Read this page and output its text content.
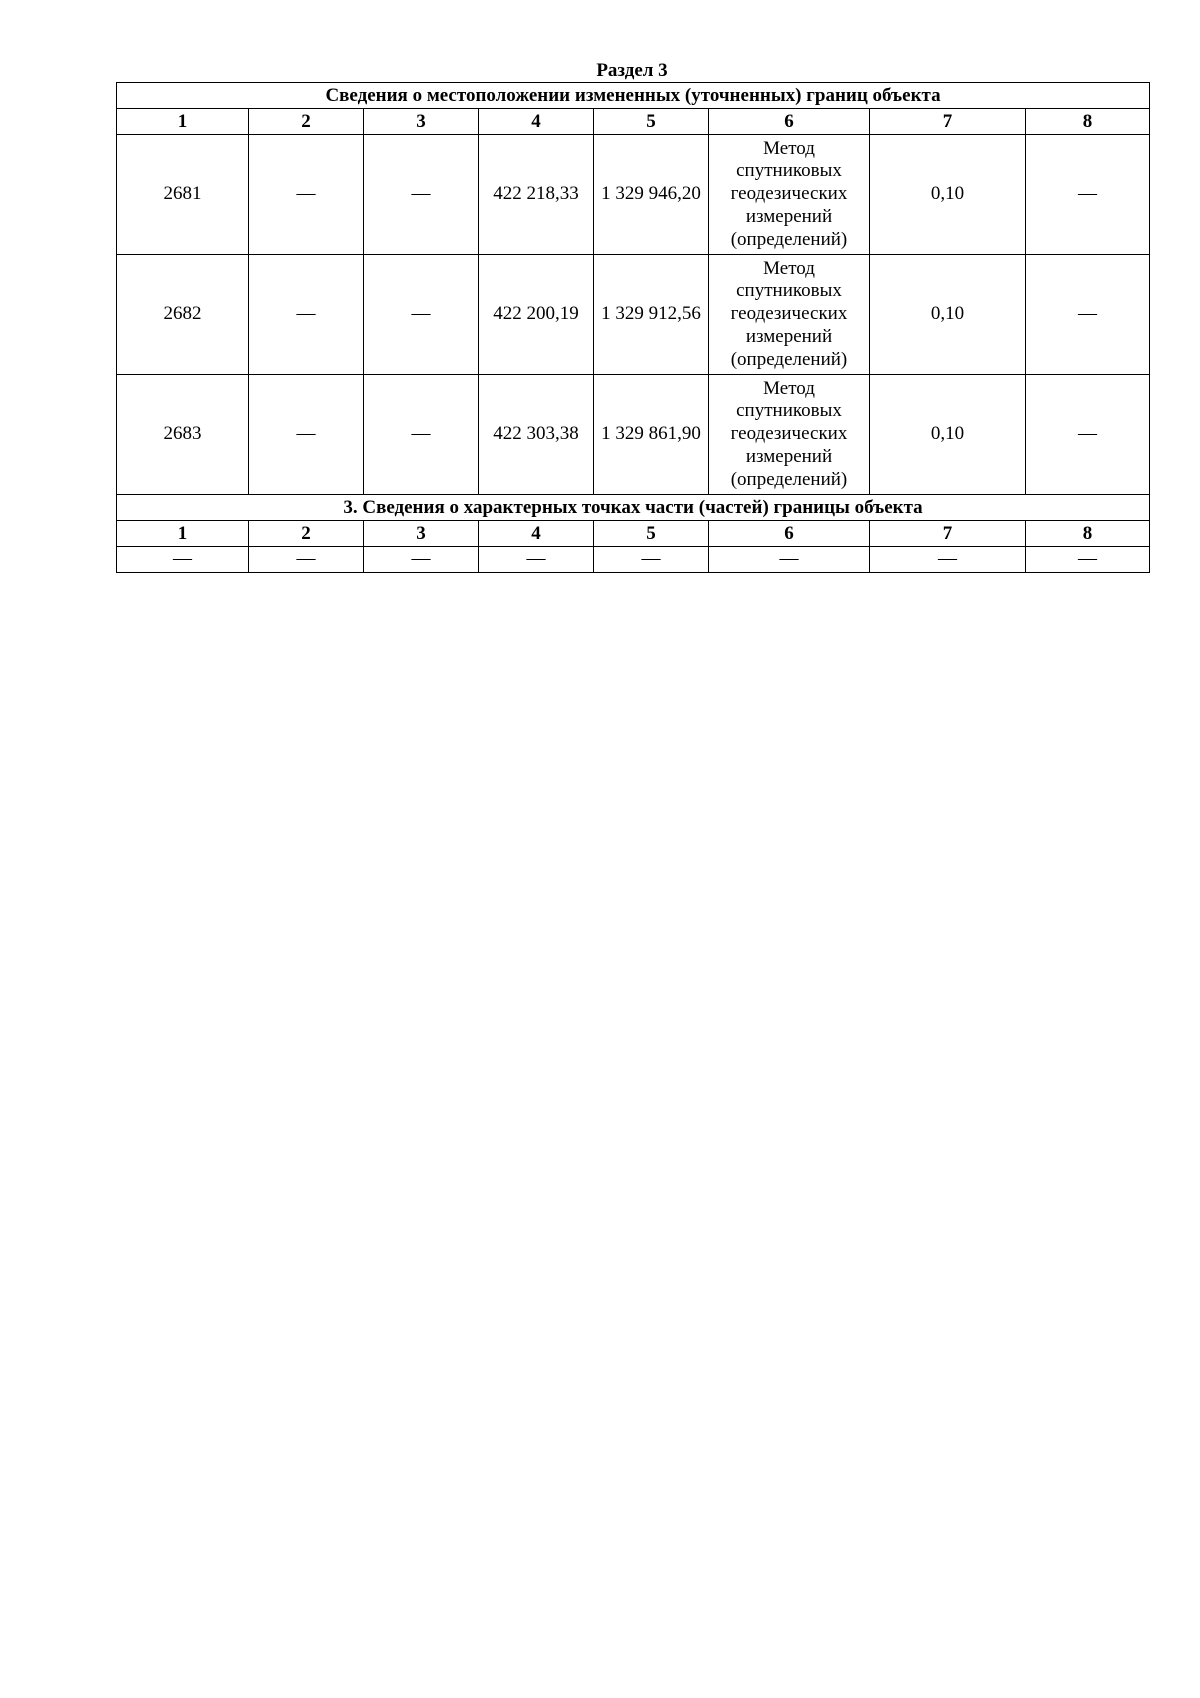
Раздел 3
Сведения о местоположении измененных (уточненных) границ объекта							
1	2	3	4	5	6	7	8
2681	—	—	422 218,33	1 329 946,20	Метод спутниковых геодезических измерений (определений)	0,10	—
2682	—	—	422 200,19	1 329 912,56	Метод спутниковых геодезических измерений (определений)	0,10	—
2683	—	—	422 303,38	1 329 861,90	Метод спутниковых геодезических измерений (определений)	0,10	—
3. Сведения о характерных точках части (частей) границы объекта							
1	2	3	4	5	6	7	8
—	—	—	—	—	—	—	—
